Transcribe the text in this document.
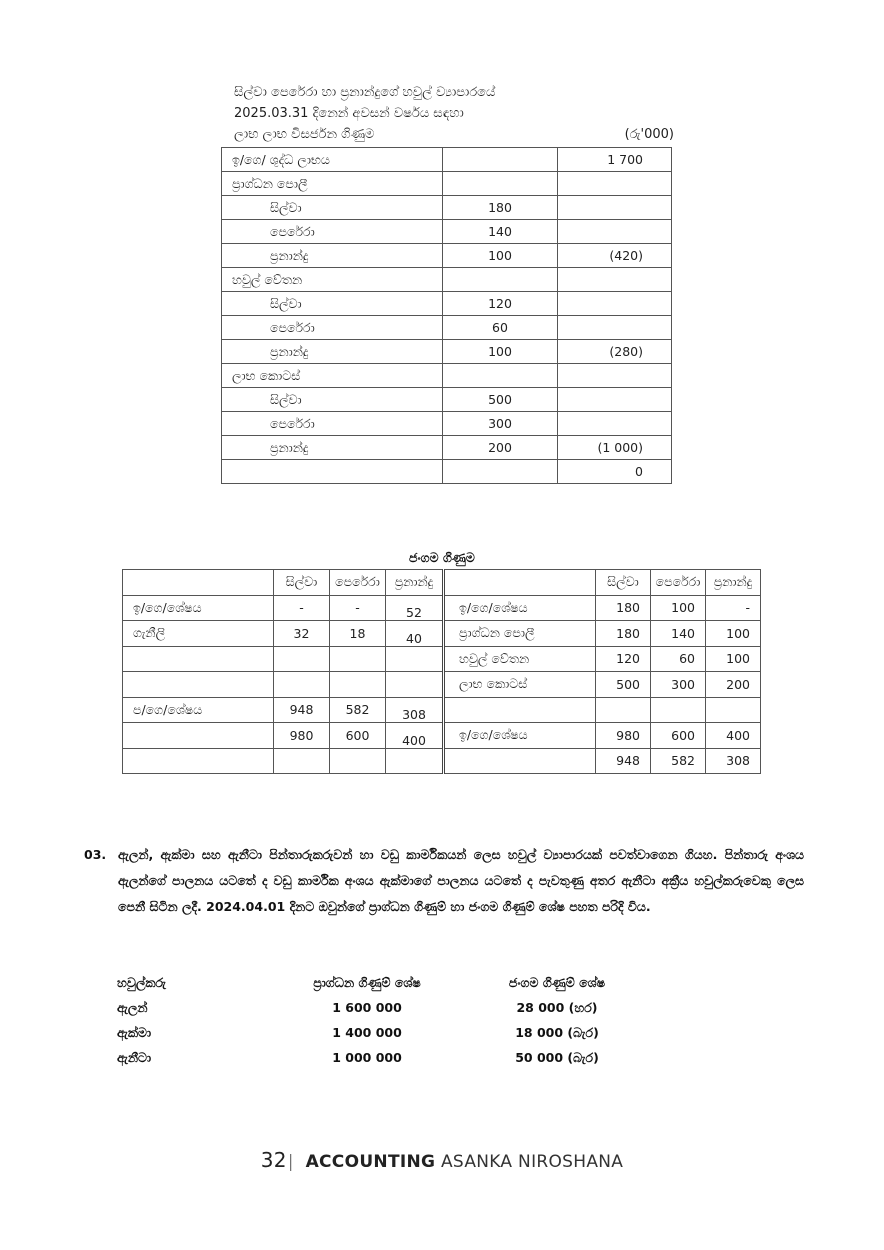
සිල්වා පෙරේරා හා ප්‍රනාන්දුගේ හවුල් ව්‍යාපාරයේ
2025.03.31 දිනෙන් අවසන් වර්ෂය සඳහා
ලාභ ලාභ විසර්ජන ගිණුම	(රු'000)
ඉ/ගෙ/ ශුද්ධ ලාභය		1 700
ප්‍රාග්ධන පොලී		
සිල්වා	180	
පෙරේරා	140	
ප්‍රනාන්දු	100	(420)
හවුල් වේතන		
සිල්වා	120	
පෙරේරා	60	
ප්‍රනාන්දු	100	(280)
ලාභ කොටස්		
සිල්වා	500	
පෙරේරා	300	
ප්‍රනාන්දු	200	(1 000)
		0
ජංගම ගිණුම
	සිල්වා	පෙරේරා	ප්‍රනාන්දු		සිල්වා	පෙරේරා	ප්‍රනාන්දු
ඉ/ගෙ/ශේෂය	-	-	52	ඉ/ගෙ/ශේෂය	180	100	-
ගැනීලි	32	18	40	ප්‍රාග්ධන පොලී	180	140	100
				හවුල් වේතන	120	60	100
				ලාභ කොටස්	500	300	200
ප/ගෙ/ශේෂය	948	582	308				
	980	600	400	ඉ/ගෙ/ශේෂය	980	600	400
					948	582	308
03. ඇලන්, ඇක්මා සහ ඇනීටා පින්තාරුකරුවන් හා වඩු කාර්මිකයන් ලෙස හවුල් ව්‍යාපාරයක් පවත්වාගෙන ගියහ. පින්තාරු අංශය ඇලන්ගේ පාලනය යටතේ ද වඩු කාර්මික අංශය ඇක්මාගේ පාලනය යටතේ ද පැවතුණු අතර ඇනීටා අක්‍රීය හවුල්කරුවෙකු ලෙස පෙනී සිටින ලදී. 2024.04.01 දිනට ඔවුන්ගේ ප්‍රාග්ධන ගිණුම් හා ජංගම ගිණුම් ශේෂ පහත පරිදි විය.
හවුල්කරු	ප්‍රාග්ධන ගිණුම් ශේෂ	ජංගම ගිණුම් ශේෂ
ඇලන්	1 600 000	28 000 (හර)
ඇක්මා	1 400 000	18 000 (බැර)
ඇනීටා	1 000 000	50 000 (බැර)
32| ACCOUNTING ASANKA NIROSHANA
